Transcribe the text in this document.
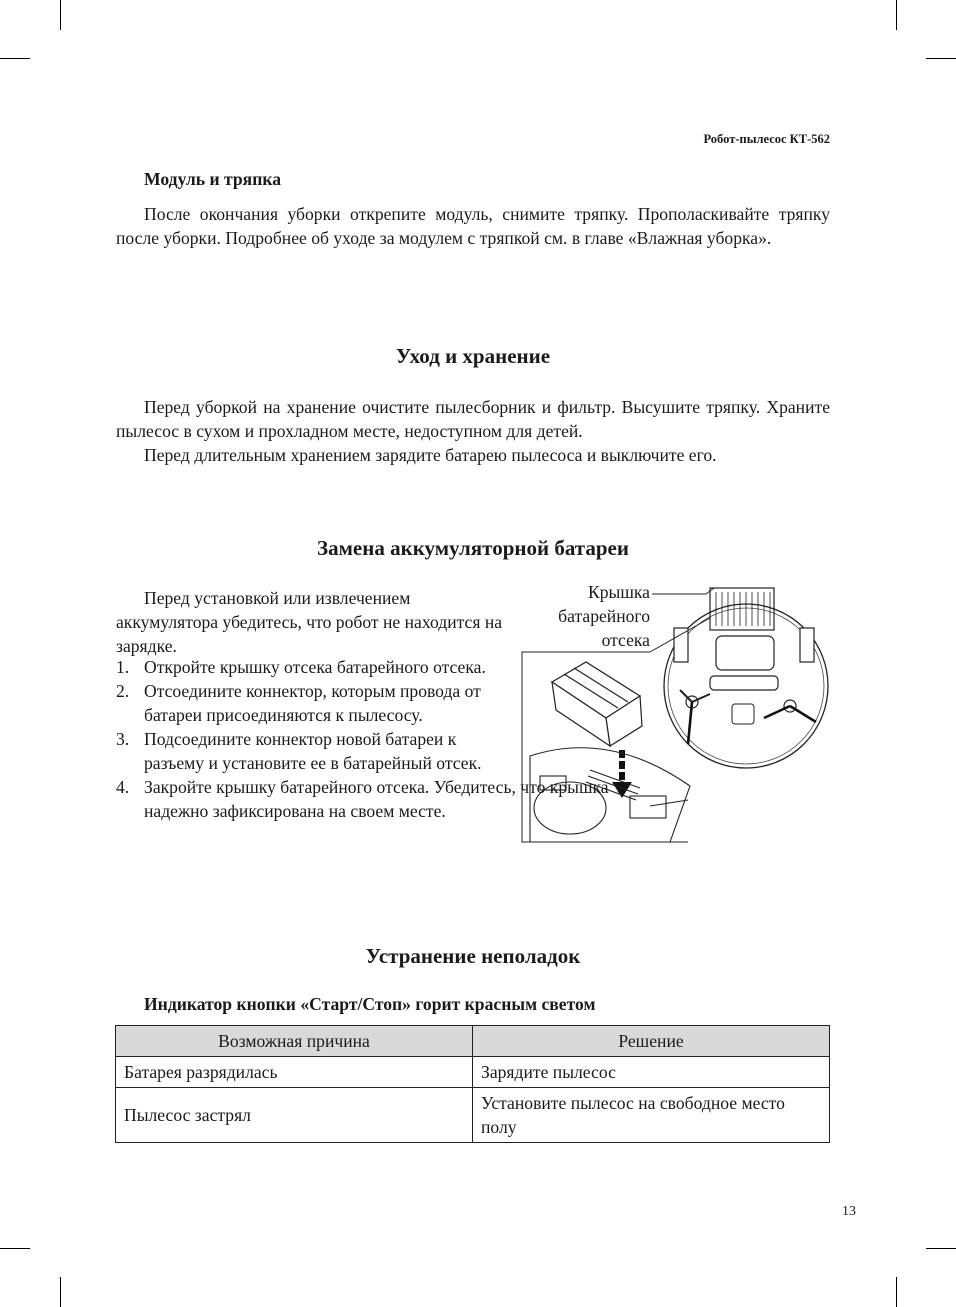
Робот-пылесос КТ-562
Модуль и тряпка

После окончания уборки открепите модуль, снимите тряпку. Прополаскивайте тряпку после уборки. Подробнее об уходе за модулем с тряпкой см. в главе «Влажная уборка».

Уход и хранение

Перед уборкой на хранение очистите пылесборник и фильтр. Высушите тряпку. Храните пылесос в сухом и прохладном месте, недоступном для детей.

Перед длительным хранением зарядите батарею пылесоса и выключите его.

Замена аккумуляторной батареи

Перед установкой или извлечением аккумулятора убедитесь, что робот не находится на зарядке.

Крышка
батарейного
отсека
1. Откройте крышку отсека батарейного отсека.
2. Отсоедините коннектор, которым провода от батареи присоединяются к пылесосу.
3. Подсоедините коннектор новой батареи к разъему и установите ее в батарейный отсек.
4. Закройте крышку батарейного отсека. Убедитесь, что крышка надежно зафиксирована на своем месте.
Устранение неполадок
Индикатор кнопки «Старт/Стоп» горит красным светом
Возможная причина	Решение
Батарея разрядилась	Зарядите пылесос
Пылесос застрял	Установите пылесос на свободное место полу
13
